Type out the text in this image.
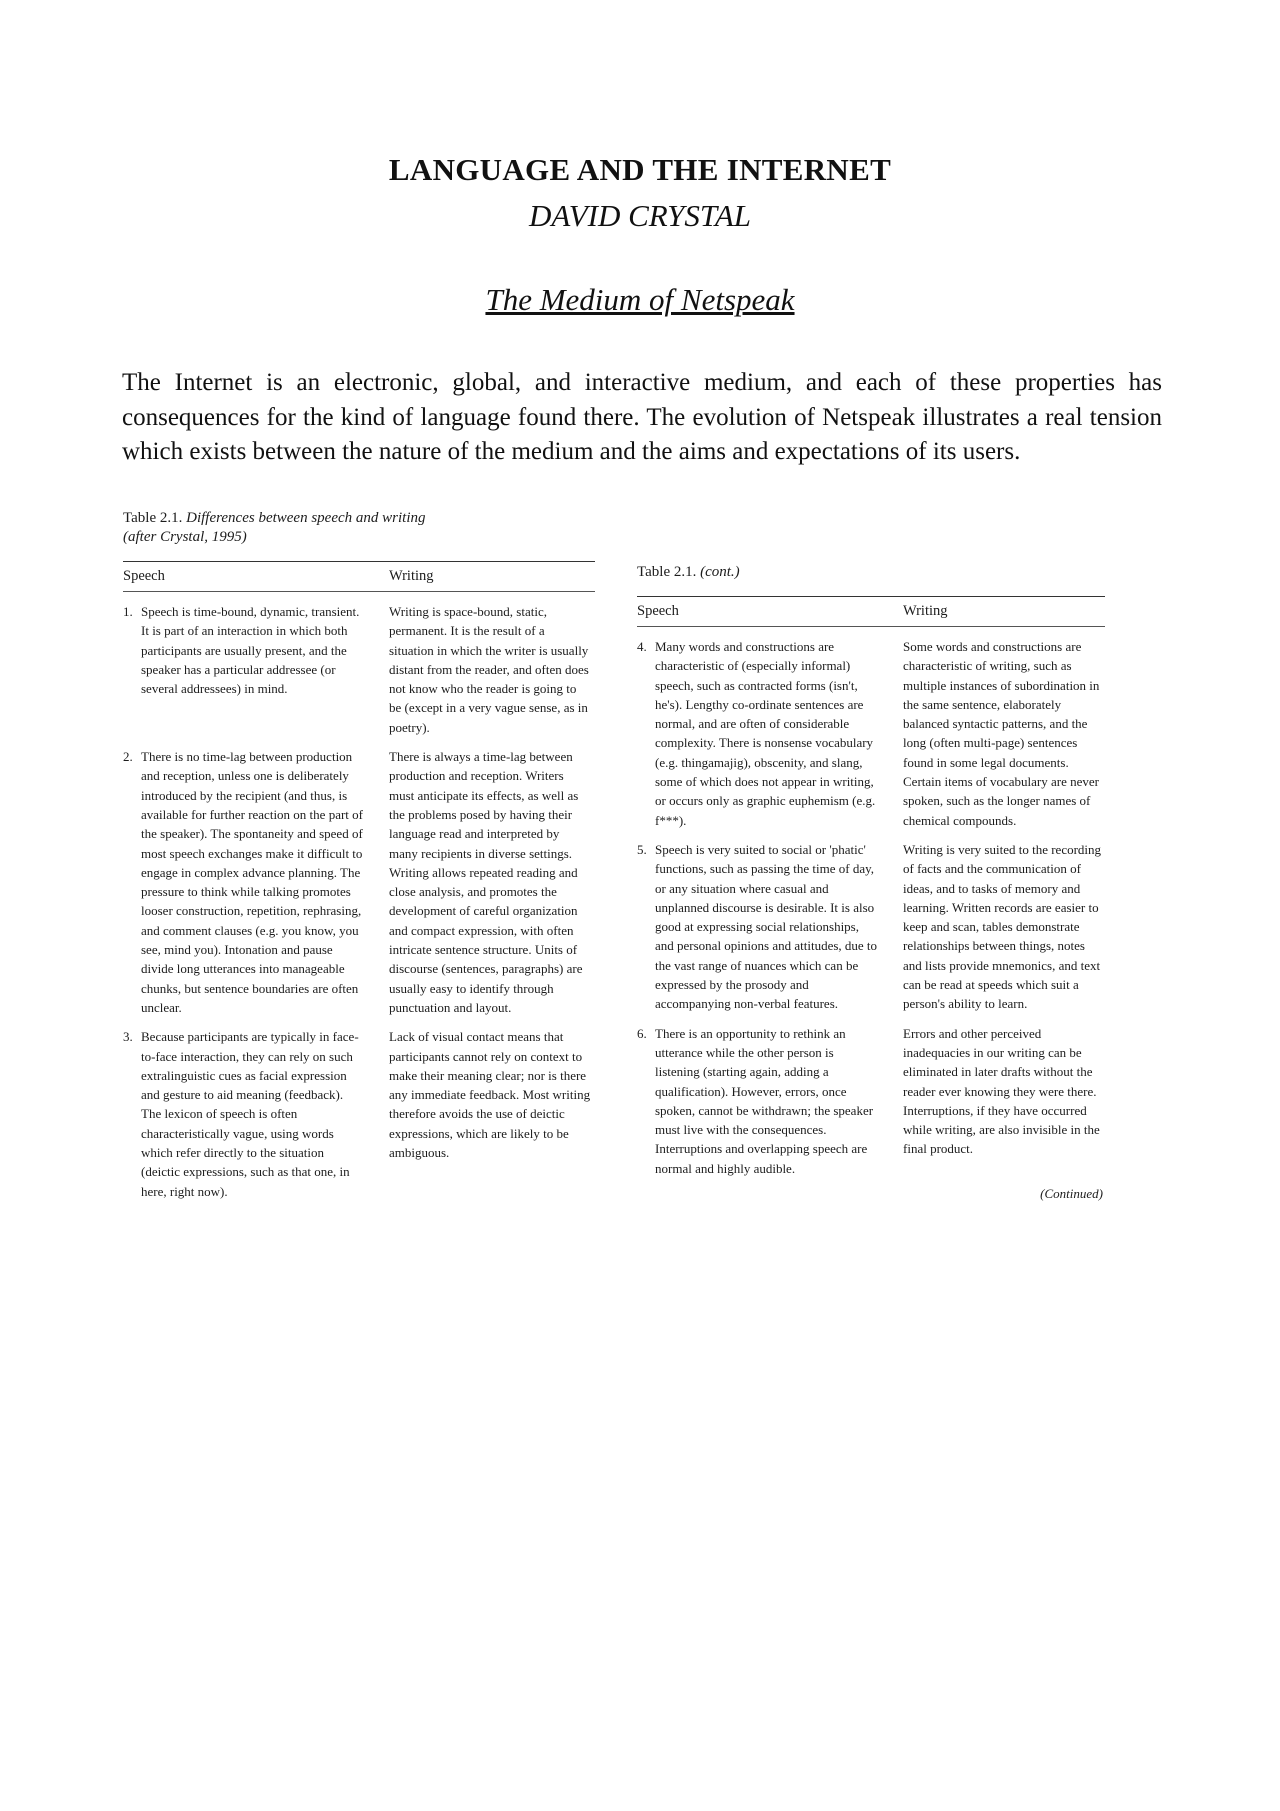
LANGUAGE AND THE INTERNET
DAVID CRYSTAL
The Medium of Netspeak
The Internet is an electronic, global, and interactive medium, and each of these properties has consequences for the kind of language found there. The evolution of Netspeak illustrates a real tension which exists between the nature of the medium and the aims and expectations of its users.
Table 2.1. Differences between speech and writing
(after Crystal, 1995)
Speech	Writing
1. Speech is time-bound, dynamic, transient. It is part of an interaction in which both participants are usually present, and the speaker has a particular addressee (or several addressees) in mind.
Writing is space-bound, static, permanent. It is the result of a situation in which the writer is usually distant from the reader, and often does not know who the reader is going to be (except in a very vague sense, as in poetry).
2. There is no time-lag between production and reception, unless one is deliberately introduced by the recipient (and thus, is available for further reaction on the part of the speaker). The spontaneity and speed of most speech exchanges make it difficult to engage in complex advance planning. The pressure to think while talking promotes looser construction, repetition, rephrasing, and comment clauses (e.g. you know, you see, mind you). Intonation and pause divide long utterances into manageable chunks, but sentence boundaries are often unclear.
There is always a time-lag between production and reception. Writers must anticipate its effects, as well as the problems posed by having their language read and interpreted by many recipients in diverse settings. Writing allows repeated reading and close analysis, and promotes the development of careful organization and compact expression, with often intricate sentence structure. Units of discourse (sentences, paragraphs) are usually easy to identify through punctuation and layout.
3. Because participants are typically in face-to-face interaction, they can rely on such extralinguistic cues as facial expression and gesture to aid meaning (feedback). The lexicon of speech is often characteristically vague, using words which refer directly to the situation (deictic expressions, such as that one, in here, right now).
Lack of visual contact means that participants cannot rely on context to make their meaning clear; nor is there any immediate feedback. Most writing therefore avoids the use of deictic expressions, which are likely to be ambiguous.
Table 2.1. (cont.)
Speech	Writing
4. Many words and constructions are characteristic of (especially informal) speech, such as contracted forms (isn't, he's). Lengthy co-ordinate sentences are normal, and are often of considerable complexity. There is nonsense vocabulary (e.g. thingamajig), obscenity, and slang, some of which does not appear in writing, or occurs only as graphic euphemism (e.g. f***).
Some words and constructions are characteristic of writing, such as multiple instances of subordination in the same sentence, elaborately balanced syntactic patterns, and the long (often multi-page) sentences found in some legal documents. Certain items of vocabulary are never spoken, such as the longer names of chemical compounds.
5. Speech is very suited to social or 'phatic' functions, such as passing the time of day, or any situation where casual and unplanned discourse is desirable. It is also good at expressing social relationships, and personal opinions and attitudes, due to the vast range of nuances which can be expressed by the prosody and accompanying non-verbal features.
Writing is very suited to the recording of facts and the communication of ideas, and to tasks of memory and learning. Written records are easier to keep and scan, tables demonstrate relationships between things, notes and lists provide mnemonics, and text can be read at speeds which suit a person's ability to learn.
6. There is an opportunity to rethink an utterance while the other person is listening (starting again, adding a qualification). However, errors, once spoken, cannot be withdrawn; the speaker must live with the consequences. Interruptions and overlapping speech are normal and highly audible.
Errors and other perceived inadequacies in our writing can be eliminated in later drafts without the reader ever knowing they were there. Interruptions, if they have occurred while writing, are also invisible in the final product.
(Continued)
